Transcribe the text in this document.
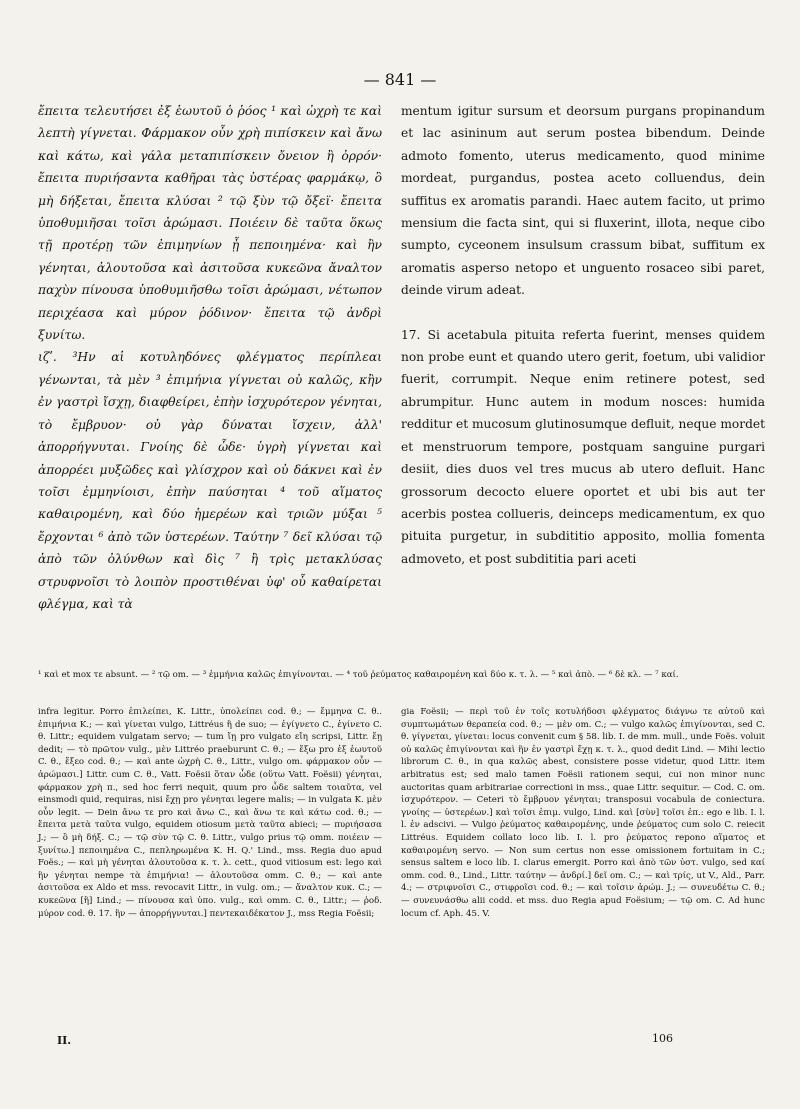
— 841 —

ἔπειτα τελευτήσει ἐξ ἑωυτοῦ ὁ ῥόος ¹ καὶ ὠχρὴ τε καὶ λεπτὴ γίγνεται. Φάρμακον οὖν χρὴ πιπίσκειν καὶ ἄνω καὶ κάτω, καὶ γάλα μεταπιπίσκειν ὄνειον ἢ ὀρρόν· ἔπειτα πυριήσαντα καθῆραι τὰς ὑστέρας φαρμάκῳ, ὃ μὴ δήξεται, ἔπειτα κλύσαι ² τῷ ξὺν τῷ ὄξεϊ· ἔπειτα ὑποθυμιῆσαι τοῖσι ἀρώμασι. Ποιέειν δὲ ταῦτα ὅκως τῇ προτέρῃ τῶν ἐπιμηνίων ᾖ πεποιημένα· καὶ ἢν γένηται, ἀλουτοῦσα καὶ ἀσιτοῦσα κυκεῶνα ἄναλτον παχὺν πίνουσα ὑποθυμιῆσθω τοῖσι ἀρώμασι, νέτωπον περιχέασα καὶ μύρον ῥόδινον· ἔπειτα τῷ ἀνδρὶ ξυνίτω.

ιζʹ. ³Ην αἱ κοτυληδόνες φλέγματος περίπλεαι γένωνται, τὰ μὲν ³ ἐπιμήνια γίγνεται οὐ καλῶς, κἢν ἐν γαστρὶ ἴσχῃ, διαφθείρει, ἐπὴν ἰσχυρότερον γένηται, τὸ ἔμβρυον· οὐ γὰρ δύναται ἴσχειν, ἀλλ' ἀπορρήγνυται. Γνοίης δὲ ὧδε· ὑγρὴ γίγνεται καὶ ἀπορρέει μυξῶδες καὶ γλίσχρον καὶ οὐ δάκνει καὶ ἐν τοῖσι ἐμμηνίοισι, ἐπὴν παύσηται ⁴ τοῦ αἵματος καθαιρομένη, καὶ δύο ἡμερέων καὶ τριῶν μύξαι ⁵ ἔρχονται ⁶ ἀπὸ τῶν ὑστερέων. Ταύτην ⁷ δεῖ κλύσαι τῷ ἀπὸ τῶν ὀλύνθων καὶ δὶς ⁷ ἢ τρὶς μετακλύσας στρυφνοῖσι τὸ λοιπὸν προστιθέναι ὑφ' οὗ καθαίρεται φλέγμα, καὶ τὰ

mentum igitur sursum et deorsum purgans propinandum et lac asininum aut serum postea bibendum. Deinde admoto fomento, uterus medicamento, quod minime mordeat, purgandus, postea aceto colluendus, dein suffitus ex aromatis parandi. Haec autem facito, ut primo mensium die facta sint, qui si fluxerint, illota, neque cibo sumpto, cyceonem insulsum crassum bibat, suffitum ex aromatis asperso netopo et unguento rosaceo sibi paret, deinde virum adeat.

17. Si acetabula pituita referta fuerint, menses quidem non probe eunt et quando utero gerit, foetum, ubi validior fuerit, corrumpit. Neque enim retinere potest, sed abrumpitur. Hunc autem in modum nosces: humida redditur et mucosum glutinosumque defluit, neque mordet et menstruorum tempore, postquam sanguine purgari desiit, dies duos vel tres mucus ab utero defluit. Hanc grossorum decocto eluere oportet et ubi bis aut ter acerbis postea collueris, deinceps medicamentum, ex quo pituita purgetur, in subdititio apposito, mollia fomenta admoveto, et post subdititia pari aceti

¹ καὶ et mox τε absunt. — ² τῷ om. — ³ ἐμμήνια καλῶς ἐπιγίνονται. — ⁴ τοῦ ῥεύματος καθαιρομένη καὶ δύο κ. τ. λ. — ⁵ καὶ ἀπὸ. — ⁶ δὲ κλ. — ⁷ καί.

infra legitur. Porro ἐπιλείπει, K. Littr., ὑπολείπει cod. θ.; — ἔμμηνα C. θ.. ἐπιμήνια K.; — καὶ γίνεται vulgo, Littréus ἢ de suo; — ἐγίγνετο C., ἐγίνετο C. θ. Littr.; equidem vulgatam servo; — tum ἴῃ pro vulgato εἴη scripsi, Littr. ἔῃ dedit; — τὸ πρῶτον vulg., μὲν Littréo praeburunt C. θ.; — ἔξω pro ἐξ ἑωυτοῦ C. θ., ἔξεο cod. θ.; — καὶ ante ὠχρὴ C. θ., Littr., vulgo om. φάρμακον οὖν — ἀρώμασι.] Littr. cum C. θ., Vatt. Foësii ὅταν ὧδε (οὕτω Vatt. Foësii) γένηται, φάρμακον χρὴ π., sed hoc ferri nequit, quum pro ὧδε saltem τοιαῦτα, vel einsmodi quid, requiras, nisi ἔχῃ pro γένηται legere malis; — in vulgata K. μὲν οὖν legit. — Dein ἄνω τε pro καὶ ἄνω C., καὶ ἄνω τε καὶ κάτω cod. θ.; — ἔπειτα μετὰ ταῦτα vulgo, equidem otiosum μετὰ ταῦτα abieci; — πυριήσασα J.; — ὃ μὴ δήξ. C.; — τῷ σὺν τῷ C. θ. Littr., vulgo prius τῷ omm. ποιέειν — ξυνίτω.] πεποιημένα C., πεπληρωμένα K. H. Q.' Lind., mss. Regia duo apud Foës.; — καὶ μὴ γένηται ἀλουτοῦσα κ. τ. λ. cett., quod vitiosum est: lego καὶ ἢν γένηται nempe τὰ ἐπιμήνια! — ἀλουτοῦσα omm. C. θ.; — καὶ ante ἀσιτοῦσα ex Aldo et mss. revocavit Littr., in vulg. om.; — ἄναλτον κυκ. C.; — κυκεῶνα [ἢ] Lind.; — πίνουσα καὶ ὑπο. vulg., καὶ omm. C. θ., Littr.; — ῥοδ. μύρον cod. θ. 17. ἢν — ἀπορρήγνυται.] πεντεκαιδέκατον J., mss Regia Foësii;

gia Foësii; — περὶ τοῦ ἐν τοῖς κοτυλήδοσι φλέγματος διάγνω τε αὐτοῦ καὶ συμπτωμάτων θεραπεία cod. θ.; — μὲν om. C.; — vulgo καλῶς ἐπιγίνονται, sed C. θ. γίγνεται, γίνεται: locus convenit cum § 58. lib. I. de mm. mull., unde Foës. voluit οὐ καλῶς ἐπιγίνονται καὶ ἢν ἐν γαστρὶ ἔχῃ κ. τ. λ., quod dedit Lind. — Mihi lectio librorum C. θ., in qua καλῶς abest, consistere posse videtur, quod Littr. item arbitratus est; sed malo tamen Foësii rationem sequi, cui non minor nunc auctoritas quam arbitrariae correctioni in mss., quae Littr. sequitur. — Cod. C. om. ἰσχυρότερον. — Ceteri τὸ ἔμβρυον γένηται; transposui vocabula de coniectura. γνοίης — ὑστερέων.] καὶ τοῖσι ἐπιμ. vulgo, Lind. καὶ [σὺν] τοῖσι ἐπ.: ego e lib. I. l. l. ἐν adscivi. — Vulgo ῥεύματος καθαιρομένης, unde ῥεύματος cum solo C. reiecit Littréus. Equidem collato loco lib. I. l. pro ῥεύματος repono αἵματος et καθαιρομένη servo. — Non sum certus non esse omissionem fortuitam in C.; sensus saltem e loco lib. I. clarus emergit. Porro καὶ ἀπὸ τῶν ὑστ. vulgo, sed καί omm. cod. θ., Lind., Littr. ταύτην — ἀνδρί.] δεῖ om. C.; — καὶ τρίς, ut V., Ald., Parr. 4.; — στριφνοῖσι C., στιφροῖσι cod. θ.; — καὶ τοῖσιν ἀρώμ. J.; — συνευδέτω C. θ.; — συνευνάσθω alii codd. et mss. duo Regia apud Foësium; — τῷ om. C. Ad hunc locum cf. Aph. 45. V.

II.	106
